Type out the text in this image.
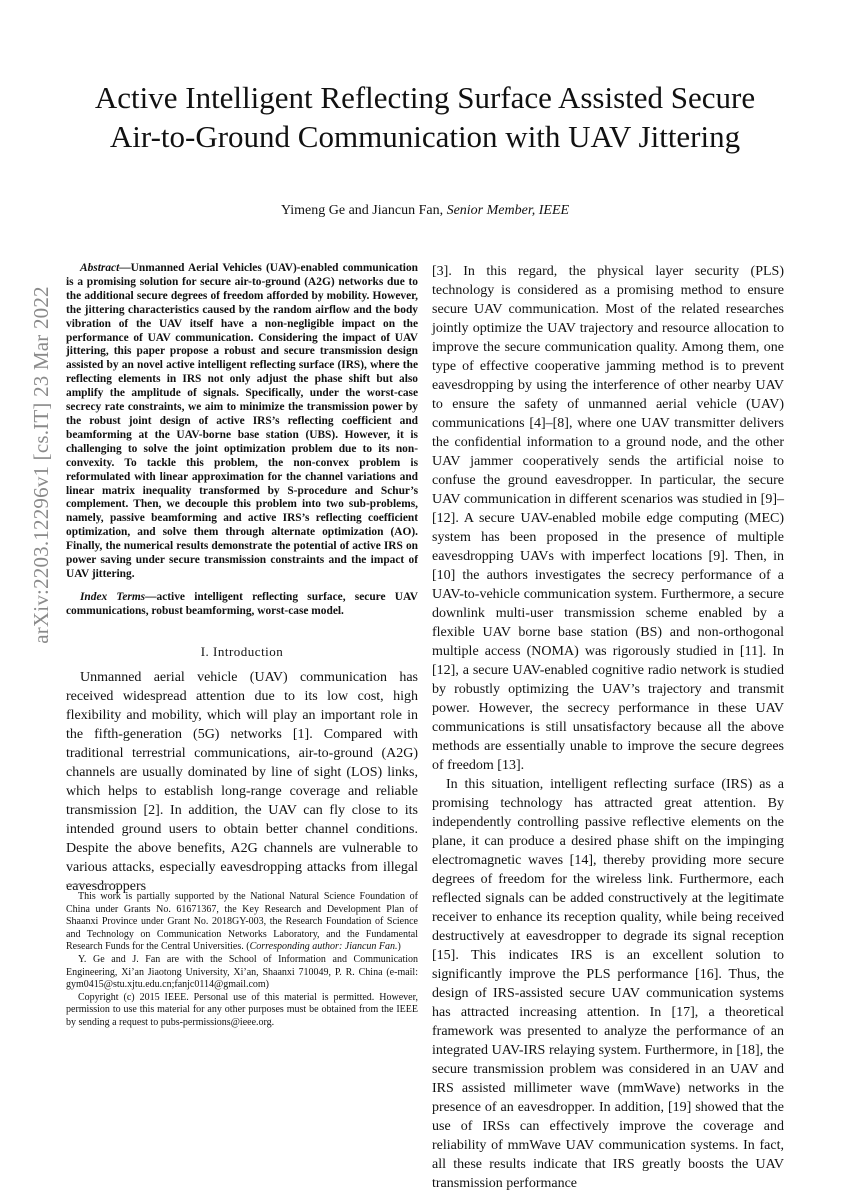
arXiv:2203.12296v1 [cs.IT] 23 Mar 2022
Active Intelligent Reflecting Surface Assisted Secure Air-to-Ground Communication with UAV Jittering

Yimeng Ge and Jiancun Fan, Senior Member, IEEE

Abstract—Unmanned Aerial Vehicles (UAV)-enabled communication is a promising solution for secure air-to-ground (A2G) networks due to the additional secure degrees of freedom afforded by mobility. However, the jittering characteristics caused by the random airflow and the body vibration of the UAV itself have a non-negligible impact on the performance of UAV communication. Considering the impact of UAV jittering, this paper propose a robust and secure transmission design assisted by an novel active intelligent reflecting surface (IRS), where the reflecting elements in IRS not only adjust the phase shift but also amplify the amplitude of signals. Specifically, under the worst-case secrecy rate constraints, we aim to minimize the transmission power by the robust joint design of active IRS’s reflecting coefficient and beamforming at the UAV-borne base station (UBS). However, it is challenging to solve the joint optimization problem due to its non-convexity. To tackle this problem, the non-convex problem is reformulated with linear approximation for the channel variations and linear matrix inequality transformed by S-procedure and Schur’s complement. Then, we decouple this problem into two sub-problems, namely, passive beamforming and active IRS’s reflecting coefficient optimization, and solve them through alternate optimization (AO). Finally, the numerical results demonstrate the potential of active IRS on power saving under secure transmission constraints and the impact of UAV jittering.

Index Terms—active intelligent reflecting surface, secure UAV communications, robust beamforming, worst-case model.

I. Introduction

Unmanned aerial vehicle (UAV) communication has received widespread attention due to its low cost, high flexibility and mobility, which will play an important role in the fifth-generation (5G) networks [1]. Compared with traditional terrestrial communications, air-to-ground (A2G) channels are usually dominated by line of sight (LOS) links, which helps to establish long-range coverage and reliable transmission [2]. In addition, the UAV can fly close to its intended ground users to obtain better channel conditions. Despite the above benefits, A2G channels are vulnerable to various attacks, especially eavesdropping attacks from illegal eavesdroppers

This work is partially supported by the National Natural Science Foundation of China under Grants No. 61671367, the Key Research and Development Plan of Shaanxi Province under Grant No. 2018GY-003, the Research Foundation of Science and Technology on Communication Networks Laboratory, and the Fundamental Research Funds for the Central Universities. (Corresponding author: Jiancun Fan.)

Y. Ge and J. Fan are with the School of Information and Communication Engineering, Xi’an Jiaotong University, Xi’an, Shaanxi 710049, P. R. China (e-mail: gym0415@stu.xjtu.edu.cn;fanjc0114@gmail.com)

Copyright (c) 2015 IEEE. Personal use of this material is permitted. However, permission to use this material for any other purposes must be obtained from the IEEE by sending a request to pubs-permissions@ieee.org.

[3]. In this regard, the physical layer security (PLS) technology is considered as a promising method to ensure secure UAV communication. Most of the related researches jointly optimize the UAV trajectory and resource allocation to improve the secure communication quality. Among them, one type of effective cooperative jamming method is to prevent eavesdropping by using the interference of other nearby UAV to ensure the safety of unmanned aerial vehicle (UAV) communications [4]–[8], where one UAV transmitter delivers the confidential information to a ground node, and the other UAV jammer cooperatively sends the artificial noise to confuse the ground eavesdropper. In particular, the secure UAV communication in different scenarios was studied in [9]–[12]. A secure UAV-enabled mobile edge computing (MEC) system has been proposed in the presence of multiple eavesdropping UAVs with imperfect locations [9]. Then, in [10] the authors investigates the secrecy performance of a UAV-to-vehicle communication system. Furthermore, a secure downlink multi-user transmission scheme enabled by a flexible UAV borne base station (BS) and non-orthogonal multiple access (NOMA) was rigorously studied in [11]. In [12], a secure UAV-enabled cognitive radio network is studied by robustly optimizing the UAV’s trajectory and transmit power. However, the secrecy performance in these UAV communications is still unsatisfactory because all the above methods are essentially unable to improve the secure degrees of freedom [13].

In this situation, intelligent reflecting surface (IRS) as a promising technology has attracted great attention. By independently controlling passive reflective elements on the plane, it can produce a desired phase shift on the impinging electromagnetic waves [14], thereby providing more secure degrees of freedom for the wireless link. Furthermore, each reflected signals can be added constructively at the legitimate receiver to enhance its reception quality, while being received destructively at eavesdropper to degrade its signal reception [15]. This indicates IRS is an excellent solution to significantly improve the PLS performance [16]. Thus, the design of IRS-assisted secure UAV communication systems has attracted increasing attention. In [17], a theoretical framework was presented to analyze the performance of an integrated UAV-IRS relaying system. Furthermore, in [18], the secure transmission problem was considered in an UAV and IRS assisted millimeter wave (mmWave) networks in the presence of an eavesdropper. In addition, [19] showed that the use of IRSs can effectively improve the coverage and reliability of mmWave UAV communication systems. In fact, all these results indicate that IRS greatly boosts the UAV transmission performance
